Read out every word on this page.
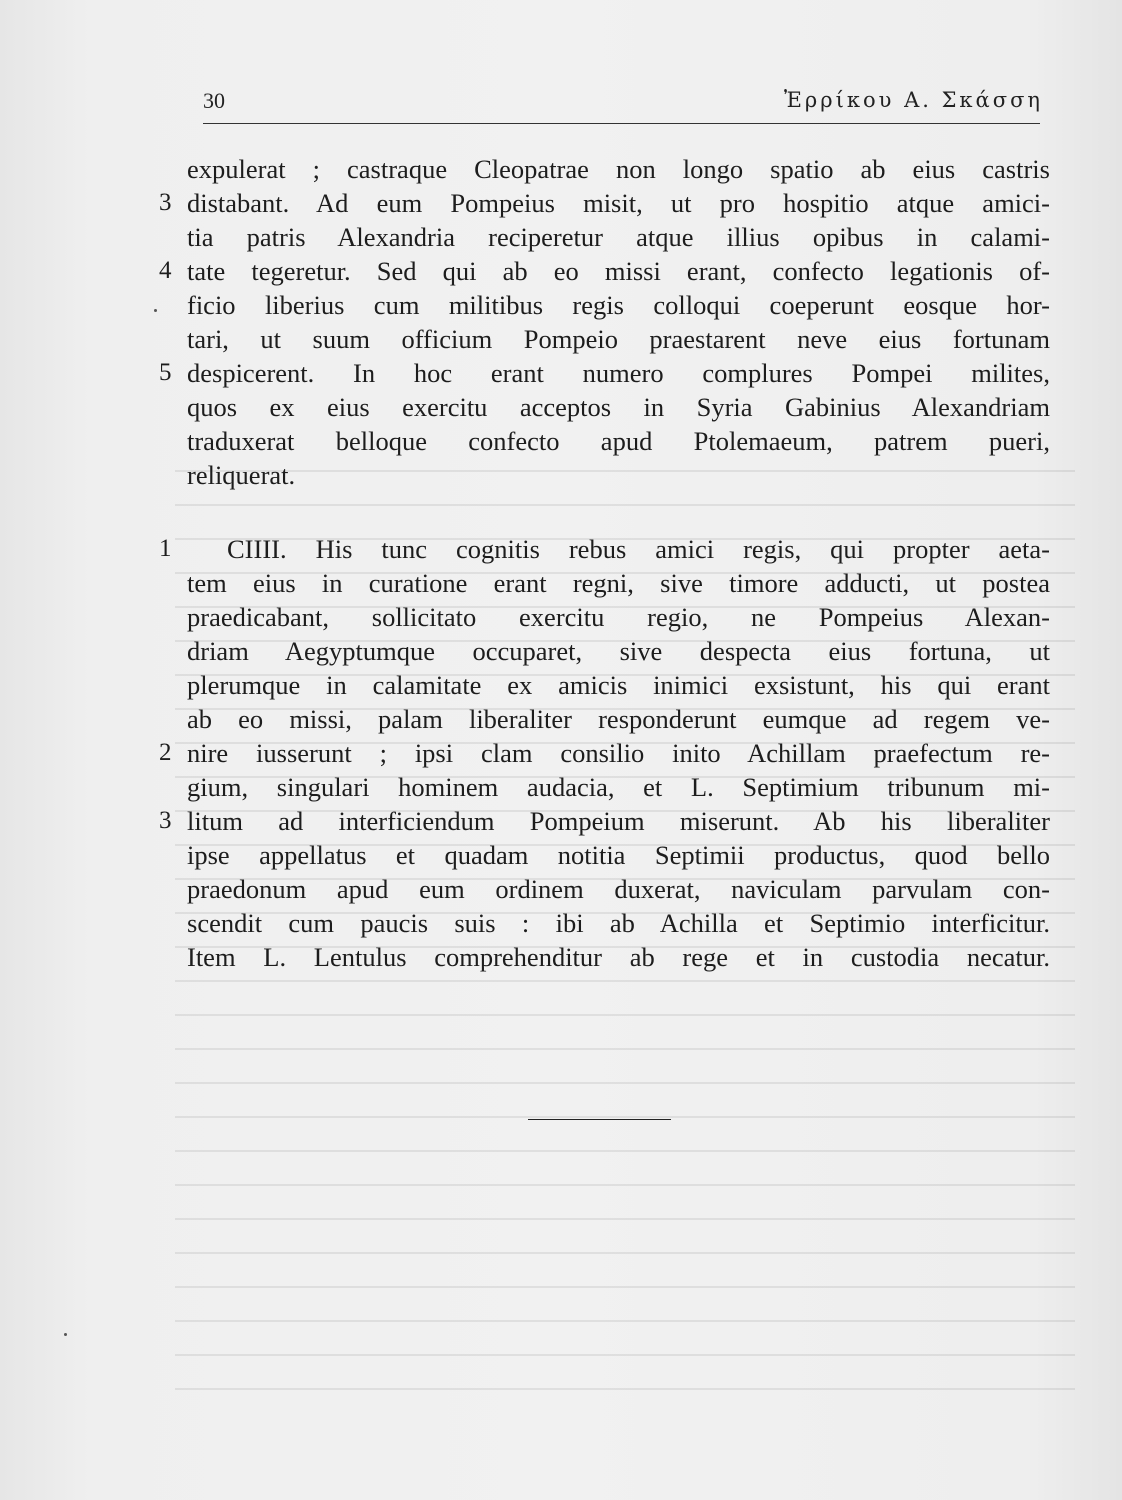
30	Ἐρρίκου Α. Σκάσση
expulerat ; castraque Cleopatrae non longo spatio ab eius castris
3 distabant. Ad eum Pompeius misit, ut pro hospitio atque amici-
tia patris Alexandria reciperetur atque illius opibus in calami-
4 tate tegeretur. Sed qui ab eo missi erant, confecto legationis of-
ficio liberius cum militibus regis colloqui coeperunt eosque hor-
tari, ut suum officium Pompeio praestarent neve eius fortunam
5 despicerent. In hoc erant numero complures Pompei milites,
quos ex eius exercitu acceptos in Syria Gabinius Alexandriam
traduxerat belloque confecto apud Ptolemaeum, patrem pueri,
reliquerat.
1 CIIII. His tunc cognitis rebus amici regis, qui propter aeta-
tem eius in curatione erant regni, sive timore adducti, ut postea
praedicabant, sollicitato exercitu regio, ne Pompeius Alexan-
driam Aegyptumque occuparet, sive despecta eius fortuna, ut
plerumque in calamitate ex amicis inimici exsistunt, his qui erant
ab eo missi, palam liberaliter responderunt eumque ad regem ve-
2 nire iusserunt ; ipsi clam consilio inito Achillam praefectum re-
gium, singulari hominem audacia, et L. Septimium tribunum mi-
3 litum ad interficiendum Pompeium miserunt. Ab his liberaliter
ipse appellatus et quadam notitia Septimii productus, quod bello
praedonum apud eum ordinem duxerat, naviculam parvulam con-
scendit cum paucis suis : ibi ab Achilla et Septimio interficitur.
Item L. Lentulus comprehenditur ab rege et in custodia necatur.
